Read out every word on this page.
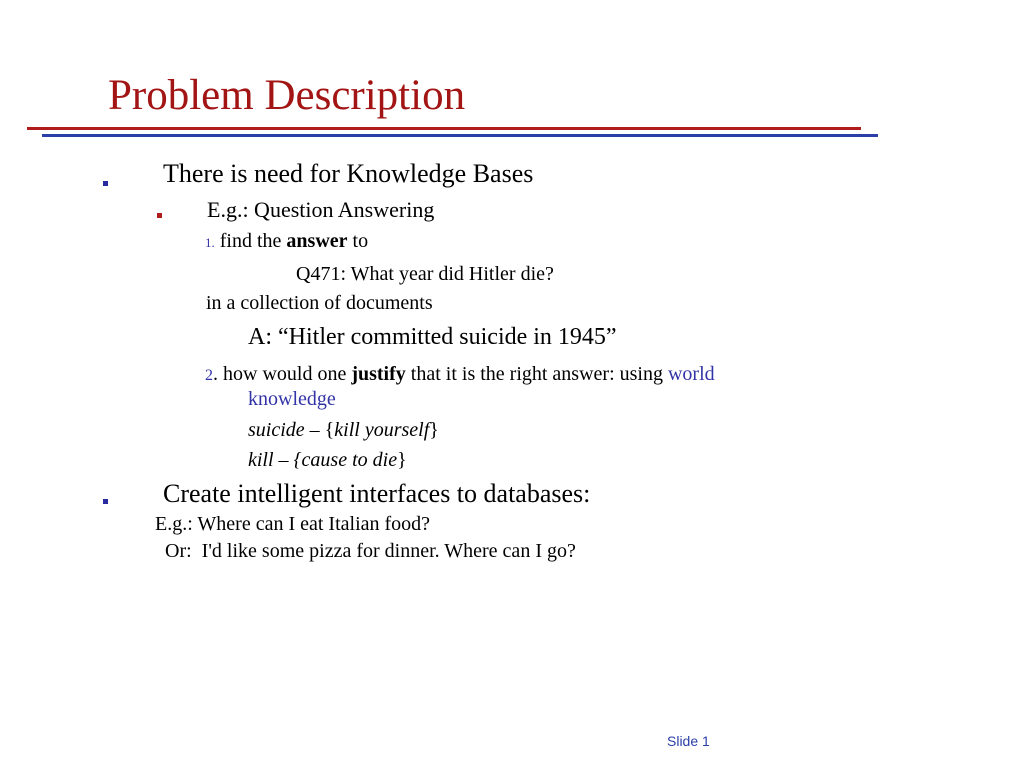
Problem Description
There is need for Knowledge Bases
E.g.: Question Answering
1. find the answer to
Q471: What year did Hitler die?
in a collection of documents
A: “Hitler committed suicide in 1945”
2. how would one justify that it is the right answer: using world
knowledge
suicide – {kill yourself}
kill – {cause to die}
Create intelligent interfaces to databases:
E.g.: Where can I eat Italian food?
Or:  I'd like some pizza for dinner. Where can I go?
Slide 1
